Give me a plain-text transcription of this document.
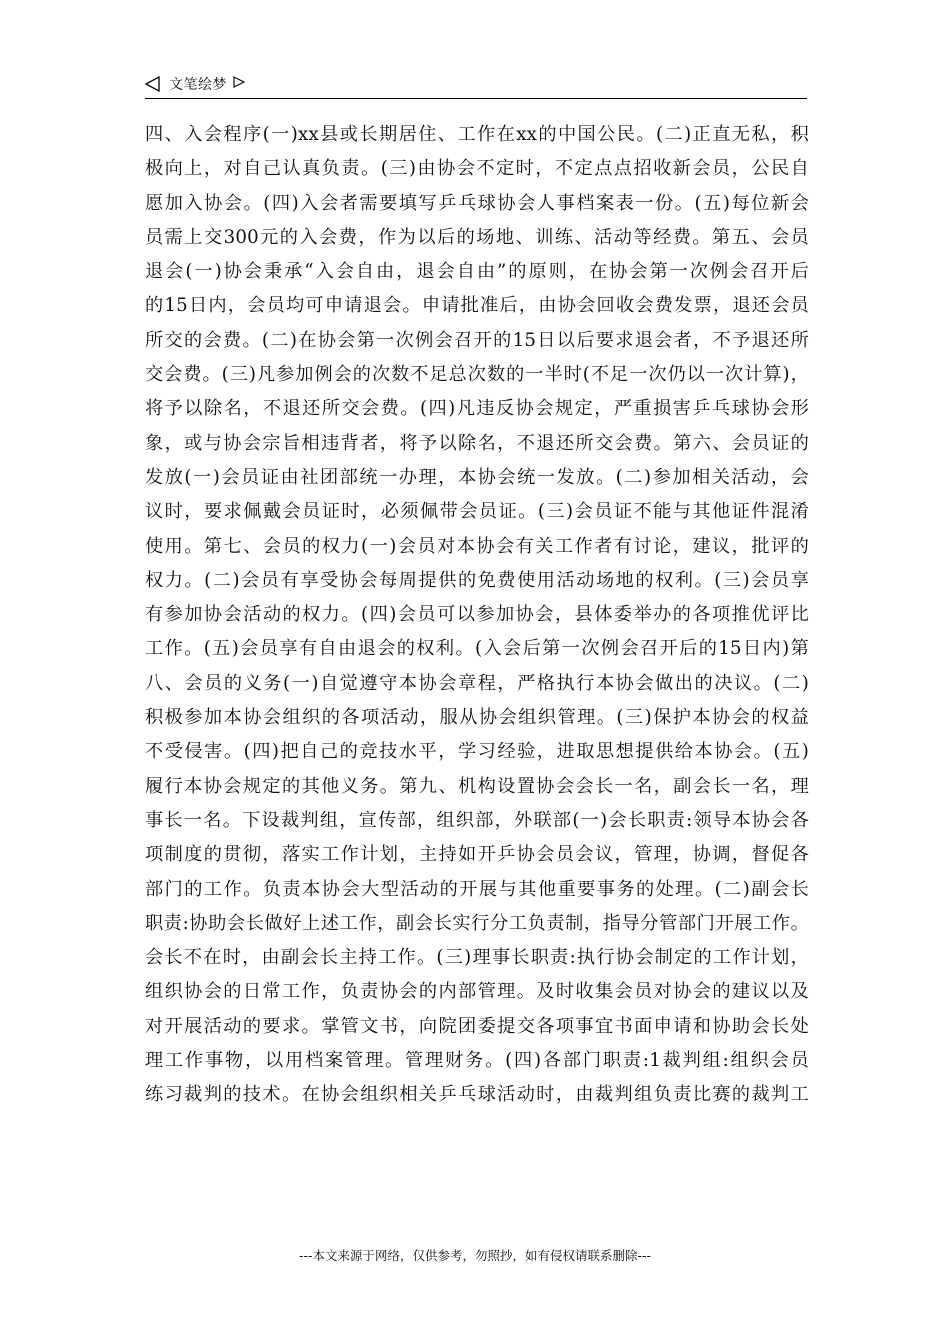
文笔绘梦
四、入会程序(一)xx县或长期居住、工作在xx的中国公民。(二)正直无私，积
极向上，对自己认真负责。(三)由协会不定时，不定点点招收新会员，公民自
愿加入协会。(四)入会者需要填写乒乓球协会人事档案表一份。(五)每位新会
员需上交300元的入会费，作为以后的场地、训练、活动等经费。第五、会员
退会(一)协会秉承“入会自由，退会自由”的原则，在协会第一次例会召开后
的15日内，会员均可申请退会。申请批准后，由协会回收会费发票，退还会员
所交的会费。(二)在协会第一次例会召开的15日以后要求退会者，不予退还所
交会费。(三)凡参加例会的次数不足总次数的一半时(不足一次仍以一次计算)，
将予以除名，不退还所交会费。(四)凡违反协会规定，严重损害乒乓球协会形
象，或与协会宗旨相违背者，将予以除名，不退还所交会费。第六、会员证的
发放(一)会员证由社团部统一办理，本协会统一发放。(二)参加相关活动，会
议时，要求佩戴会员证时，必须佩带会员证。(三)会员证不能与其他证件混淆
使用。第七、会员的权力(一)会员对本协会有关工作者有讨论，建议，批评的
权力。(二)会员有享受协会每周提供的免费使用活动场地的权利。(三)会员享
有参加协会活动的权力。(四)会员可以参加协会，县体委举办的各项推优评比
工作。(五)会员享有自由退会的权利。(入会后第一次例会召开后的15日内)第
八、会员的义务(一)自觉遵守本协会章程，严格执行本协会做出的决议。(二)
积极参加本协会组织的各项活动，服从协会组织管理。(三)保护本协会的权益
不受侵害。(四)把自己的竞技水平，学习经验，进取思想提供给本协会。(五)
履行本协会规定的其他义务。第九、机构设置协会会长一名，副会长一名，理
事长一名。下设裁判组，宣传部，组织部，外联部(一)会长职责:领导本协会各
项制度的贯彻，落实工作计划，主持如开乒协会员会议，管理，协调，督促各
部门的工作。负责本协会大型活动的开展与其他重要事务的处理。(二)副会长
职责:协助会长做好上述工作，副会长实行分工负责制，指导分管部门开展工作。
会长不在时，由副会长主持工作。(三)理事长职责:执行协会制定的工作计划，
组织协会的日常工作，负责协会的内部管理。及时收集会员对协会的建议以及
对开展活动的要求。掌管文书，向院团委提交各项事宜书面申请和协助会长处
理工作事物，以用档案管理。管理财务。(四)各部门职责:1裁判组:组织会员
练习裁判的技术。在协会组织相关乒乓球活动时，由裁判组负责比赛的裁判工
---本文来源于网络，仅供参考，勿照抄，如有侵权请联系删除---
